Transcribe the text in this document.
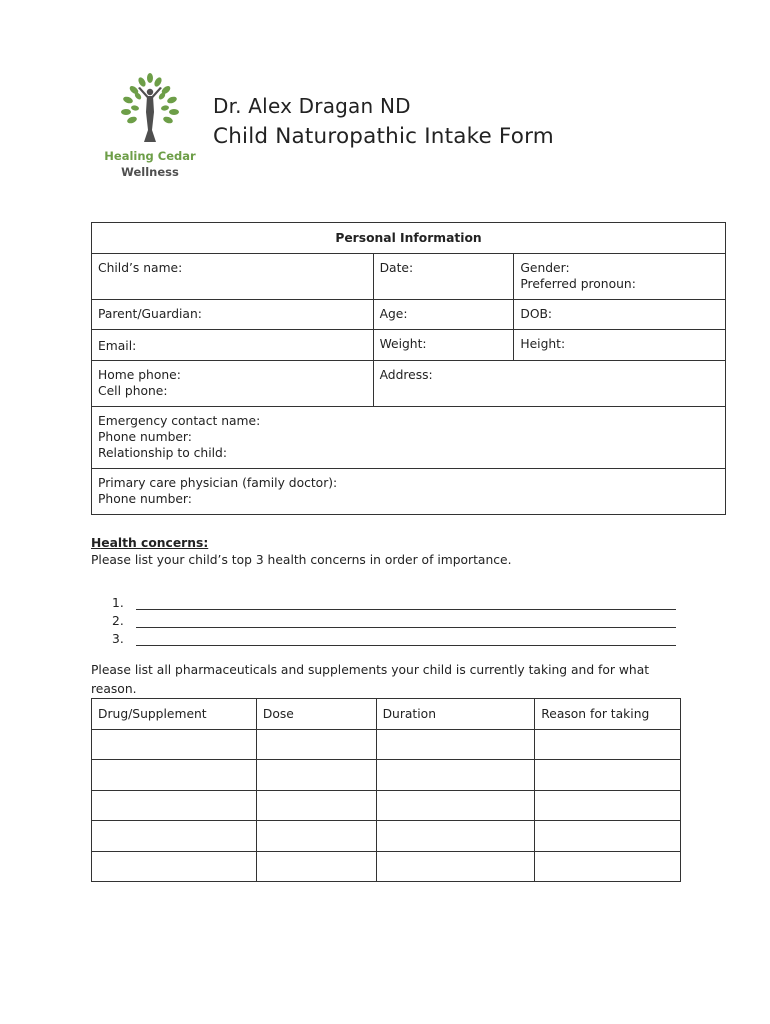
Healing Cedar
Wellness
Dr. Alex Dragan ND
Child Naturopathic Intake Form
Personal Information		
Child’s name:	Date:	Gender:
Preferred pronoun:

Parent/Guardian:	Age:	DOB:
Email:	Weight:	Height:

Home phone:
Cell phone:	Address:	

Emergency contact name:
Phone number:
Relationship to child:		

Primary care physician (family doctor):
Phone number:		
Health concerns:
Please list your child’s top 3 health concerns in order of importance.
1.
2.
3.
Please list all pharmaceuticals and supplements your child is currently taking and for what reason.
Drug/Supplement	Dose	Duration	Reason for taking
